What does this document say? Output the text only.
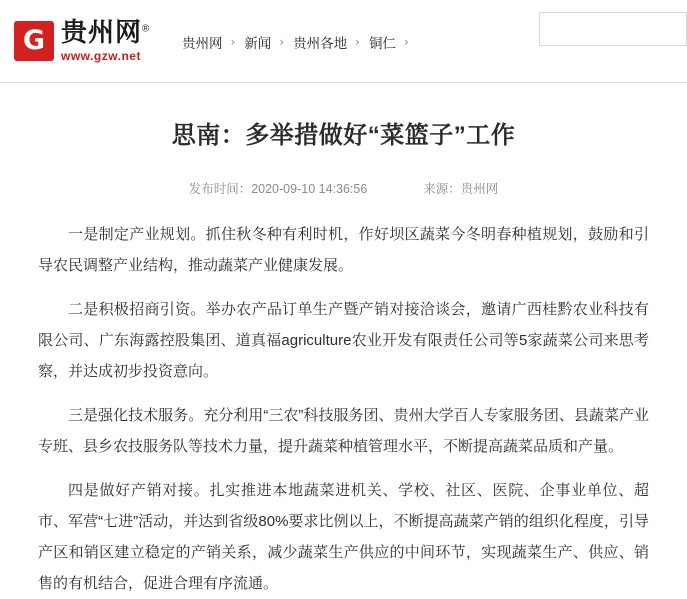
G 贵州网®
www.gzw.net
贵州网 › 新闻 › 贵州各地 › 铜仁 ›
思南：多举措做好“菜篮子”工作
发布时间：2020-09-10 14:36:56	来源：贵州网

一是制定产业规划。抓住秋冬种有利时机，作好坝区蔬菜今冬明春种植规划，鼓励和引导农民调整产业结构，推动蔬菜产业健康发展。

二是积极招商引资。举办农产品订单生产暨产销对接洽谈会，邀请广西桂黔农业科技有限公司、广东海露控股集团、道真福agriculture农业开发有限责任公司等5家蔬菜公司来思考察，并达成初步投资意向。

三是强化技术服务。充分利用“三农”科技服务团、贵州大学百人专家服务团、县蔬菜产业专班、县乡农技服务队等技术力量，提升蔬菜种植管理水平，不断提高蔬菜品质和产量。

四是做好产销对接。扎实推进本地蔬菜进机关、学校、社区、医院、企事业单位、超市、军营“七进”活动，并达到省级80%要求比例以上，不断提高蔬菜产销的组织化程度，引导产区和销区建立稳定的产销关系，减少蔬菜生产供应的中间环节，实现蔬菜生产、供应、销售的有机结合，促进合理有序流通。
